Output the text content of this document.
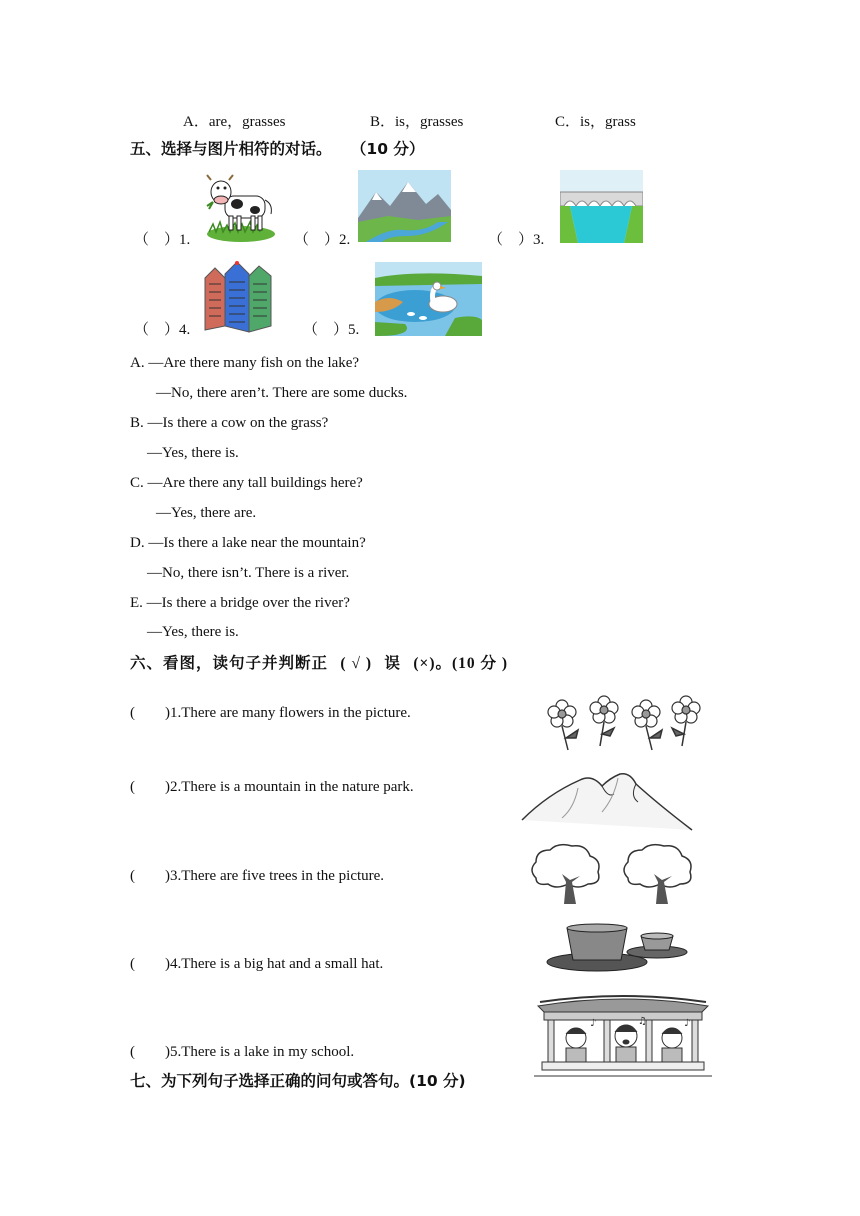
A．are，grasses	B．is，grasses	C．is，grass
五、选择与图片相符的对话。 （10 分）
（　）1.	（　）2.	（　）3.
（　）4.	（　）5.
A. —Are there many fish on the lake?
—No, there aren’t. There are some ducks.
B. —Is there a cow on the grass?
—Yes, there is.
C. —Are there any tall buildings here?
—Yes, there are.
D. —Is there a lake near the mountain?
—No, there isn’t. There is a river.
E. —Is there a bridge over the river?
—Yes, there is.
六、看图，读句子并判断正 ( √ ) 误 (×)。(10 分 )
(　　)1.There are many flowers in the picture.
(　　)2.There is a mountain in the nature park.
(　　)3.There are five trees in the picture.
(　　)4.There is a big hat and a small hat.
(　　)5.There is a lake in my school.
♪	♫	♪
七、为下列句子选择正确的问句或答句。(10 分)
